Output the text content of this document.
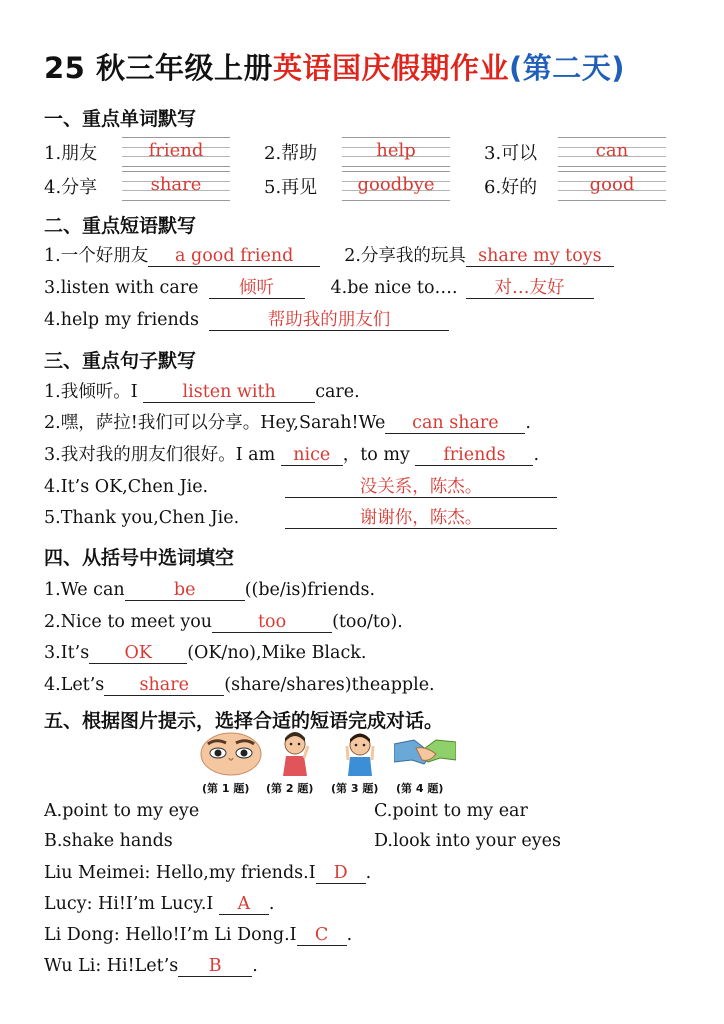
25 秋三年级上册英语国庆假期作业(第二天)
一、重点单词默写
1.朋友	friend	2.帮助	help	3.可以	can
4.分享	share	5.再见	goodbye	6.好的	good
二、重点短语默写
1.一个好朋友 a good friend	2.分享我的玩具 share my toys
3.listen with care 倾听	4.be nice to…. 对…友好
4.help my friends	帮助我的朋友们
三、重点句子默写
1.我倾听。I listen with care.
2.嘿，萨拉!我们可以分享。Hey,Sarah!We can share .
3.我对我的朋友们很好。I am nice ，to my friends .
4.It’s OK,Chen Jie.	没关系，陈杰。
5.Thank you,Chen Jie.	谢谢你，陈杰。
四、从括号中选词填空
1.We can	be	((be/is)friends.
2.Nice to meet you	too	(too/to).
3.It’s OK (OK/no),Mike Black.
4.Let’s share (share/shares)theapple.
五、根据图片提示，选择合适的短语完成对话。
(第 1 题) (第 2 题) (第 3 题) (第 4 题)
A.point to my eye	C.point to my ear
B.shake hands	D.look into your eyes
Liu Meimei: Hello,my friends.I D .
Lucy: Hi!I’m Lucy.I A .
Li Dong: Hello!I’m Li Dong.I C .
Wu Li: Hi!Let’s B .
